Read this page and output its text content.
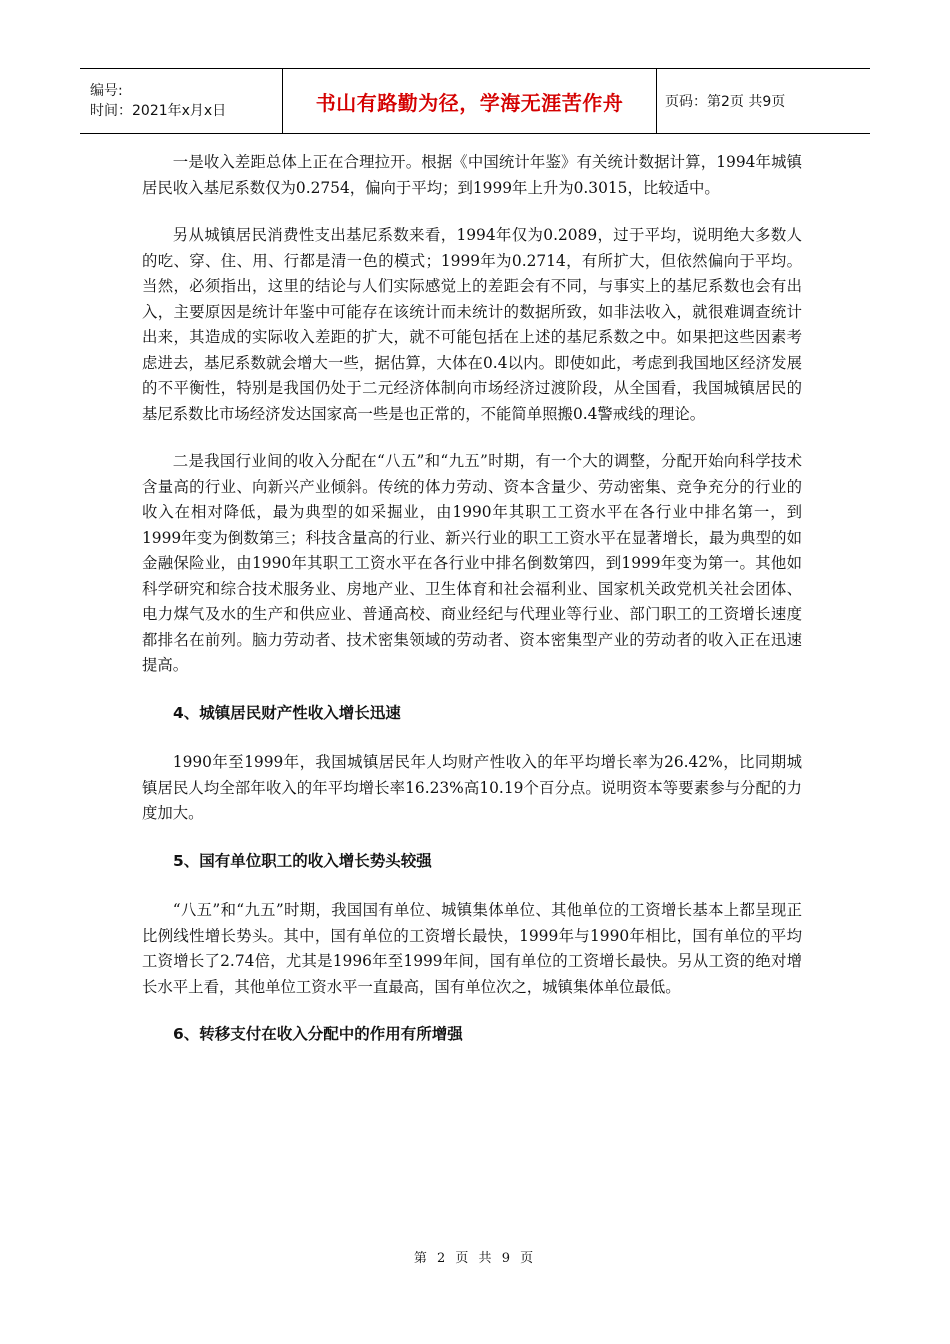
编号:
时间：2021年x月x日	书山有路勤为径，学海无涯苦作舟	页码：第2页 共9页

一是收入差距总体上正在合理拉开。根据《中国统计年鉴》有关统计数据计算，1994年城镇居民收入基尼系数仅为0.2754，偏向于平均；到1999年上升为0.3015，比较适中。

另从城镇居民消费性支出基尼系数来看，1994年仅为0.2089，过于平均，说明绝大多数人的吃、穿、住、用、行都是清一色的模式；1999年为0.2714，有所扩大，但依然偏向于平均。当然，必须指出，这里的结论与人们实际感觉上的差距会有不同，与事实上的基尼系数也会有出入，主要原因是统计年鉴中可能存在该统计而未统计的数据所致，如非法收入，就很难调查统计出来，其造成的实际收入差距的扩大，就不可能包括在上述的基尼系数之中。如果把这些因素考虑进去，基尼系数就会增大一些，据估算，大体在0.4以内。即使如此，考虑到我国地区经济发展的不平衡性，特别是我国仍处于二元经济体制向市场经济过渡阶段，从全国看，我国城镇居民的基尼系数比市场经济发达国家高一些是也正常的，不能简单照搬0.4警戒线的理论。

二是我国行业间的收入分配在“八五”和“九五”时期，有一个大的调整，分配开始向科学技术含量高的行业、向新兴产业倾斜。传统的体力劳动、资本含量少、劳动密集、竞争充分的行业的收入在相对降低，最为典型的如采掘业，由1990年其职工工资水平在各行业中排名第一，到1999年变为倒数第三；科技含量高的行业、新兴行业的职工工资水平在显著增长，最为典型的如金融保险业，由1990年其职工工资水平在各行业中排名倒数第四，到1999年变为第一。其他如科学研究和综合技术服务业、房地产业、卫生体育和社会福利业、国家机关政党机关社会团体、电力煤气及水的生产和供应业、普通高校、商业经纪与代理业等行业、部门职工的工资增长速度都排名在前列。脑力劳动者、技术密集领域的劳动者、资本密集型产业的劳动者的收入正在迅速提高。

4、城镇居民财产性收入增长迅速

1990年至1999年，我国城镇居民年人均财产性收入的年平均增长率为26.42%，比同期城镇居民人均全部年收入的年平均增长率16.23%高10.19个百分点。说明资本等要素参与分配的力度加大。

5、国有单位职工的收入增长势头较强

“八五”和“九五”时期，我国国有单位、城镇集体单位、其他单位的工资增长基本上都呈现正比例线性增长势头。其中，国有单位的工资增长最快，1999年与1990年相比，国有单位的平均工资增长了2.74倍，尤其是1996年至1999年间，国有单位的工资增长最快。另从工资的绝对增长水平上看，其他单位工资水平一直最高，国有单位次之，城镇集体单位最低。

6、转移支付在收入分配中的作用有所增强
第 2 页 共 9 页
